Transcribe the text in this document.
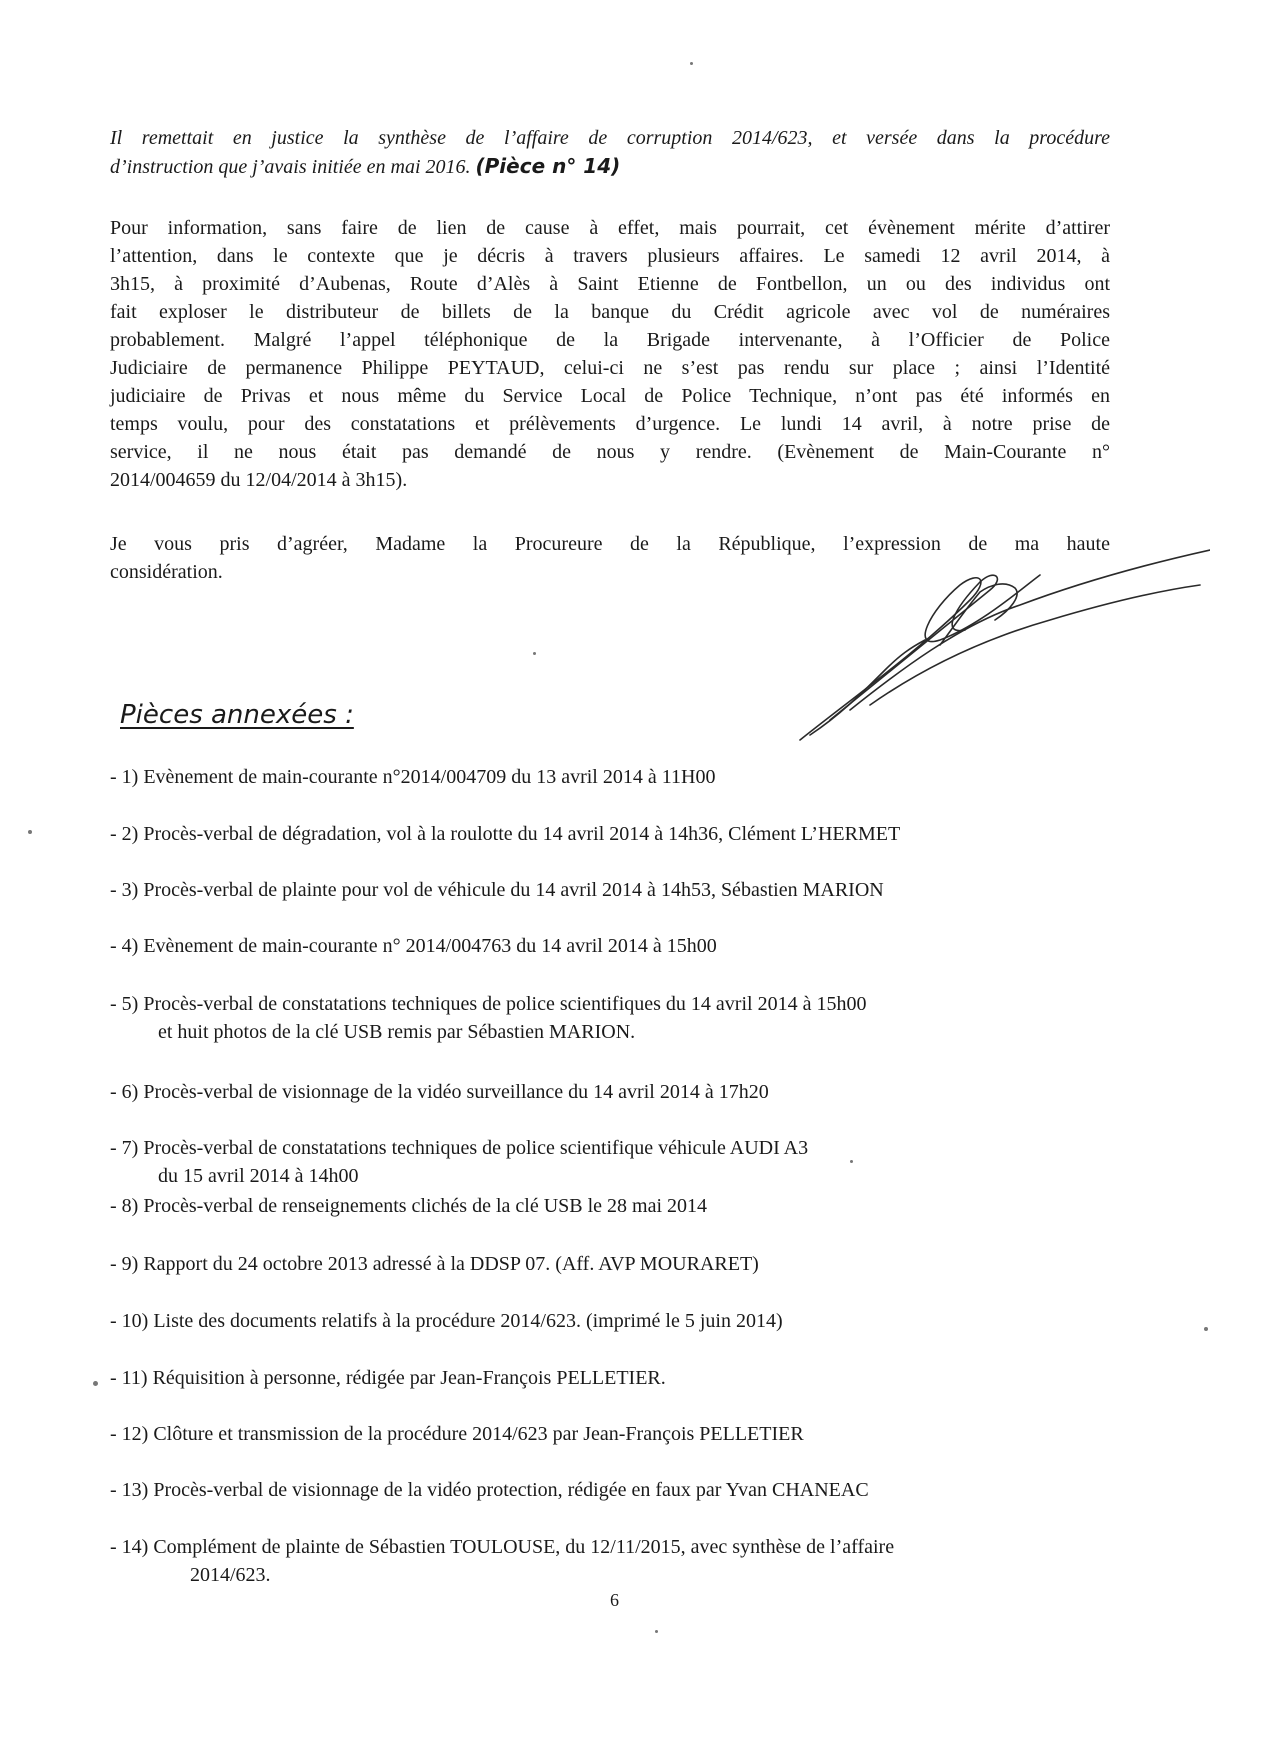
Il remettait en justice la synthèse de l’affaire de corruption 2014/623, et versée dans la procédure
d’instruction que j’avais initiée en mai 2016. (Pièce n° 14)

Pour information, sans faire de lien de cause à effet, mais pourrait, cet évènement mérite d’attirer
l’attention, dans le contexte que je décris à travers plusieurs affaires. Le samedi 12 avril 2014, à
3h15, à proximité d’Aubenas, Route d’Alès à Saint Etienne de Fontbellon, un ou des individus ont
fait exploser le distributeur de billets de la banque du Crédit agricole avec vol de numéraires
probablement. Malgré l’appel téléphonique de la Brigade intervenante, à l’Officier de Police
Judiciaire de permanence Philippe PEYTAUD, celui-ci ne s’est pas rendu sur place ; ainsi l’Identité
judiciaire de Privas et nous même du Service Local de Police Technique, n’ont pas été informés en
temps voulu, pour des constatations et prélèvements d’urgence. Le lundi 14 avril, à notre prise de
service, il ne nous était pas demandé de nous y rendre. (Evènement de Main-Courante n°
2014/004659 du 12/04/2014 à 3h15).

Je vous pris d’agréer, Madame la Procureure de la République, l’expression de ma haute
considération.

Pièces annexées :
- 1) Evènement de main-courante n°2014/004709 du 13 avril 2014 à 11H00
- 2) Procès-verbal de dégradation, vol à la roulotte du 14 avril 2014 à 14h36, Clément L’HERMET
- 3) Procès-verbal de plainte pour vol de véhicule du 14 avril 2014 à 14h53, Sébastien MARION
- 4) Evènement de main-courante n° 2014/004763 du 14 avril 2014 à 15h00
- 5) Procès-verbal de constatations techniques de police scientifiques du 14 avril 2014 à 15h00
et huit photos de la clé USB remis par Sébastien MARION.
- 6) Procès-verbal de visionnage de la vidéo surveillance du 14 avril 2014 à 17h20
- 7) Procès-verbal de constatations techniques de police scientifique véhicule AUDI A3
du 15 avril 2014 à 14h00
- 8) Procès-verbal de renseignements clichés de la clé USB le 28 mai 2014
- 9) Rapport du 24 octobre 2013 adressé à la DDSP 07. (Aff. AVP MOURARET)
- 10) Liste des documents relatifs à la procédure 2014/623. (imprimé le 5 juin 2014)
- 11) Réquisition à personne, rédigée par Jean-François PELLETIER.
- 12) Clôture et transmission de la procédure 2014/623 par Jean-François PELLETIER
- 13) Procès-verbal de visionnage de la vidéo protection, rédigée en faux par Yvan CHANEAC
- 14) Complément de plainte de Sébastien TOULOUSE, du 12/11/2015, avec synthèse de l’affaire
2014/623.
6
